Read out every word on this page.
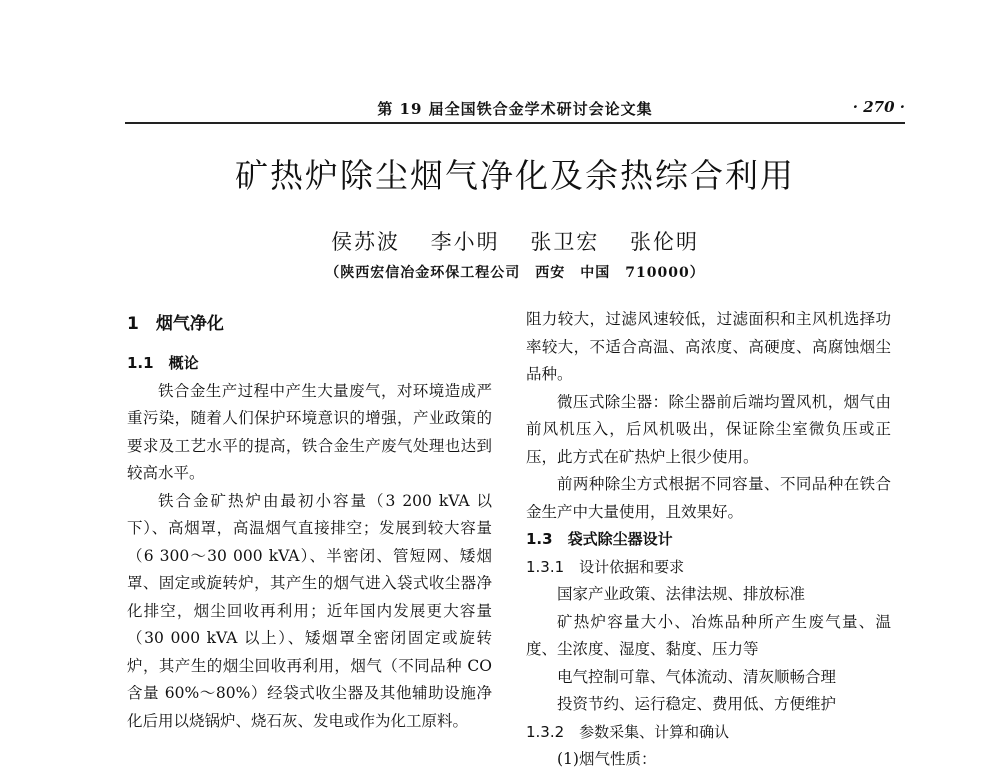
第 19 届全国铁合金学术研讨会论文集	· 270 ·
矿热炉除尘烟气净化及余热综合利用
侯苏波 李小明 张卫宏 张伦明
（陕西宏信冶金环保工程公司　西安　中国　710000）

1　烟气净化

1.1　概论

铁合金生产过程中产生大量废气，对环境造成严重污染，随着人们保护环境意识的增强，产业政策的要求及工艺水平的提高，铁合金生产废气处理也达到较高水平。

铁合金矿热炉由最初小容量（3 200 kVA 以下）、高烟罩，高温烟气直接排空；发展到较大容量（6 300～30 000 kVA）、半密闭、管短网、矮烟罩、固定或旋转炉，其产生的烟气进入袋式收尘器净化排空，烟尘回收再利用；近年国内发展更大容量（30 000 kVA 以上）、矮烟罩全密闭固定或旋转炉，其产生的烟尘回收再利用，烟气（不同品种 CO 含量 60%～80%）经袋式收尘器及其他辅助设施净化后用以烧锅炉、烧石灰、发电或作为化工原料。

阻力较大，过滤风速较低，过滤面积和主风机选择功率较大，不适合高温、高浓度、高硬度、高腐蚀烟尘品种。

微压式除尘器：除尘器前后端均置风机，烟气由前风机压入，后风机吸出，保证除尘室微负压或正压，此方式在矿热炉上很少使用。

前两种除尘方式根据不同容量、不同品种在铁合金生产中大量使用，且效果好。

1.3　袋式除尘器设计

1.3.1　设计依据和要求

国家产业政策、法律法规、排放标准

矿热炉容量大小、冶炼品种所产生废气量、温度、尘浓度、湿度、黏度、压力等

电气控制可靠、气体流动、清灰顺畅合理

投资节约、运行稳定、费用低、方便维护

1.3.2　参数采集、计算和确认

(1)烟气性质：
